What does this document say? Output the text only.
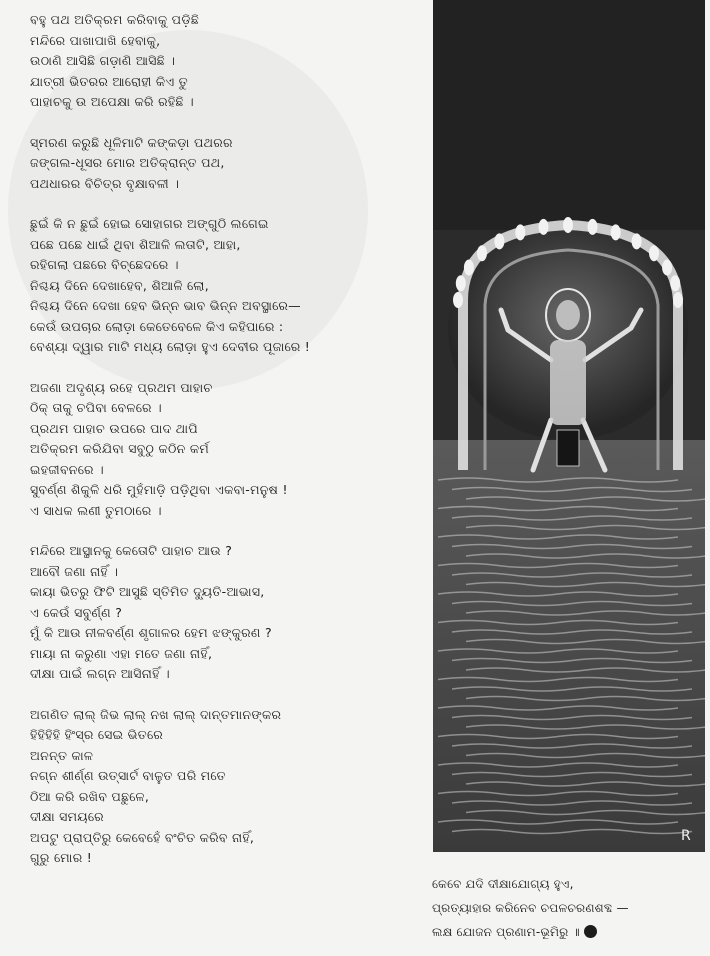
ବହୁ ପଥ ଅତିକ୍ରମ କରିବାକୁ ପଡ଼ିଛି
ମନ୍ଦିରେ ପାଖାପାଖି ହେବାକୁ,
ଉଠାଣି ଆସିଛି ଗଡ଼ାଣି ଆସିଛି ।
ଯାତ୍ରୀ ଭିତରର ଆରୋହୀ କିଏ ତୁ
ପାହାଚକୁ ଉ ଅପେକ୍ଷା କରି ରହିଛି ।
ସ୍ମରଣ କରୁଛି ଧୂଳିମାଟି କଙ୍କଡ଼ା ପଥରର
ଜଙ୍ଗଲ-ଧୂସର ମୋର ଅତିକ୍ରାନ୍ତ ପଥ,
ପଥଧାରର ବିଚିତ୍ର ବୃକ୍ଷାବଳୀ ।
ଛୁଇଁ କି ନ ଛୁଇଁ ହୋଇ ସୋହାଗର ଅଙ୍ଗୁଠି ଲଗେଇ
ପଛେ ପଛେ ଧାଇଁ ଥିବା ଶିଆଳି ଲତାଟି, ଆହା,
ରହିଗଲା ପଛରେ ବିଚ୍ଛେଦରେ ।
ନିଶ୍ଚୟ ଦିନେ ଦେଖାହେବ, ଶିଆଳି ଲୋ,
ନିଶ୍ଚୟ ଦିନେ ଦେଖା ହେବ ଭିନ୍ନ ଭାବ ଭିନ୍ନ ଅବସ୍ଥାରେ—
କେଉଁ ଉପଚାର ଲୋଡ଼ା କେତେବେଳେ କିଏ କହିପାରେ :
ବେଶ୍ୟା ଦ୍ୱାର ମାଟି ମଧ୍ୟ ଲୋଡ଼ା ହୁଏ ଦେବୀର ପୂଜାରେ !
ଅଜଣା ଅଦୃଶ୍ୟ ରହେ ପ୍ରଥମ ପାହାଚ
ଠିକ୍ ତାକୁ ଚପିବା ବେଳରେ ।
ପ୍ରଥମ ପାହାଚ ଉପରେ ପାଦ ଥାପି
ଅତିକ୍ରମ କରିଯିବା ସବୁଠୁ କଠିନ କର୍ମ
ଇହଜୀବନରେ ।
ସୁବର୍ଣ୍ଣ ଶିକୁଳି ଧରି ମୁହଁମାଡ଼ି ପଡ଼ିଥିବା ଏକବା-ମନୁଷ !
ଏ ସାଧକ ଲଣୀ ତୁମଠାରେ ।
ମନ୍ଦିରେ ଆସ୍ଥାନକୁ କେତୋଟି ପାହାଚ ଆଉ ?
ଆବୌ ଜଣା ନାହିଁ ।
କାୟା ଭିତରୁ ଫିଟି ଆସୁଛି ସ୍ତିମିତ ଦ୍ୟୁତି-ଆଭାସ,
ଏ କେଉଁ ସବୁର୍ଣ୍ଣ ?
ମୁଁ କି ଆଉ ନୀଳବର୍ଣ୍ଣ ଶୃଗାଳର ହେମ ଝଙ୍କୁରଣ ?
ମାୟା ନା କରୁଣା ଏହା ମତେ ଜଣା ନାହିଁ,
ଦୀକ୍ଷା ପାଇଁ ଲଗ୍ନ ଆସିନାହିଁ ।
ଅଗଣିତ ଲାଲ୍ ଜିଭ ଲାଲ୍ ନଖ ଲାଲ୍ ଦାନ୍ତମାନଙ୍କର
ହିହିହିହି ହିଂସ୍ର ସେଇ ଭିତରେ
ଅନନ୍ତ କାଳ
ନଗ୍ନ ଶୀର୍ଣ୍ଣ ଉତ୍ସାର୍ଟ ବାଳୁତ ପରି ମତେ
ଠିଆ କରି ରଖିବ ପଛୁଳେ,
ଦୀକ୍ଷା ସମୟରେ
ଅପଟୁ ପ୍ରାପ୍ତିରୁ କେବେହେଁ ବଂଚିତ କରିବ ନାହିଁ,
ଗୁରୁ ମୋର !
R
କେବେ ଯଦି ଦୀକ୍ଷାଯୋଗ୍ୟ ହୁଏ,
ପ୍ରତ୍ୟାହାର କରିନେବ ଚପଳଚରଣଶବ୍ଦ —
ଲକ୍ଷ ଯୋଜନ ପ୍ରଣାମ-ଭୂମିରୁ ॥
